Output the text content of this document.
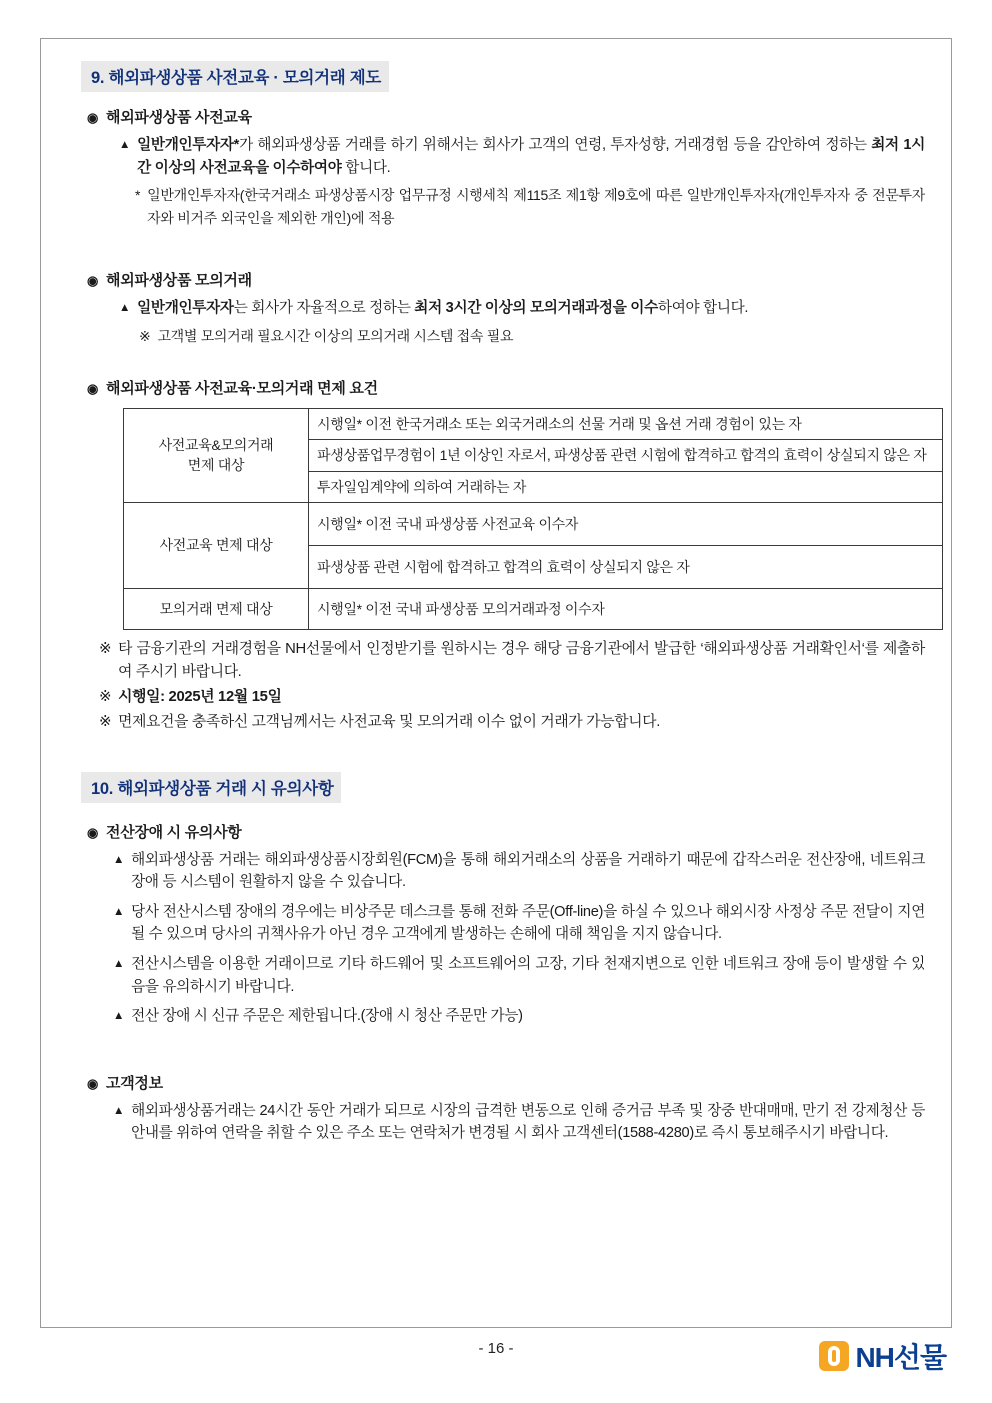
9. 해외파생상품 사전교육 · 모의거래 제도
◉ 해외파생상품 사전교육
▲ 일반개인투자자*가 해외파생상품 거래를 하기 위해서는 회사가 고객의 연령, 투자성향, 거래경험 등을 감안하여 정하는 최저 1시간 이상의 사전교육을 이수하여야 합니다.
* 일반개인투자자(한국거래소 파생상품시장 업무규정 시행세칙 제115조 제1항 제9호에 따른 일반개인투자자(개인투자자 중 전문투자자와 비거주 외국인을 제외한 개인)에 적용
◉ 해외파생상품 모의거래
▲ 일반개인투자자는 회사가 자율적으로 정하는 최저 3시간 이상의 모의거래과정을 이수하여야 합니다.
※ 고객별 모의거래 필요시간 이상의 모의거래 시스템 접속 필요
◉ 해외파생상품 사전교육·모의거래 면제 요건
사전교육&모의거래
면제 대상	시행일* 이전 한국거래소 또는 외국거래소의 선물 거래 및 옵션 거래 경험이 있는 자
	파생상품업무경험이 1년 이상인 자로서, 파생상품 관련 시험에 합격하고 합격의 효력이 상실되지 않은 자
	투자일임계약에 의하여 거래하는 자
사전교육 면제 대상	시행일* 이전 국내 파생상품 사전교육 이수자
	파생상품 관련 시험에 합격하고 합격의 효력이 상실되지 않은 자
모의거래 면제 대상	시행일* 이전 국내 파생상품 모의거래과정 이수자
※ 타 금융기관의 거래경험을 NH선물에서 인정받기를 원하시는 경우 해당 금융기관에서 발급한 ‘해외파생상품 거래확인서‘를 제출하여 주시기 바랍니다.
※ 시행일: 2025년 12월 15일
※ 면제요건을 충족하신 고객님께서는 사전교육 및 모의거래 이수 없이 거래가 가능합니다.
10. 해외파생상품 거래 시 유의사항
◉ 전산장애 시 유의사항
▲ 해외파생상품 거래는 해외파생상품시장회원(FCM)을 통해 해외거래소의 상품을 거래하기 때문에 갑작스러운 전산장애, 네트워크 장애 등 시스템이 원활하지 않을 수 있습니다.
▲ 당사 전산시스템 장애의 경우에는 비상주문 데스크를 통해 전화 주문(Off-line)을 하실 수 있으나 해외시장 사정상 주문 전달이 지연될 수 있으며 당사의 귀책사유가 아닌 경우 고객에게 발생하는 손해에 대해 책임을 지지 않습니다.
▲ 전산시스템을 이용한 거래이므로 기타 하드웨어 및 소프트웨어의 고장, 기타 천재지변으로 인한 네트워크 장애 등이 발생할 수 있음을 유의하시기 바랍니다.
▲ 전산 장애 시 신규 주문은 제한됩니다.(장애 시 청산 주문만 가능)
◉ 고객정보
▲ 해외파생상품거래는 24시간 동안 거래가 되므로 시장의 급격한 변동으로 인해 증거금 부족 및 장중 반대매매, 만기 전 강제청산 등 안내를 위하여 연락을 취할 수 있은 주소 또는 연락처가 변경될 시 회사 고객센터(1588-4280)로 즉시 통보해주시기 바랍니다.
- 16 -	NH선물
